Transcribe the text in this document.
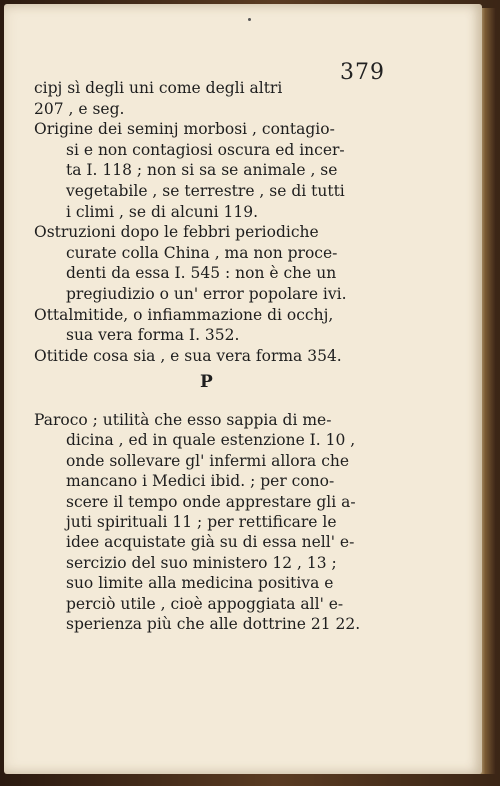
379
cipj sì degli uni come degli altri
207 , e seg.
Origine dei seminj morbosi , contagio-
si e non contagiosi oscura ed incer-
ta I. 118 ; non si sa se animale , se
vegetabile , se terrestre , se di tutti
i climi , se di alcuni 119.
Ostruzioni dopo le febbri periodiche
curate colla China , ma non proce-
denti da essa I. 545 : non è che un
pregiudizio o un' error popolare ivi.
Ottalmitide, o infiammazione di occhj,
sua vera forma I. 352.
Otitide cosa sia , e sua vera forma 354.
P
Paroco ; utilità che esso sappia di me-
dicina , ed in quale estenzione I. 10 ,
onde sollevare gl' infermi allora che
mancano i Medici ibid. ; per cono-
scere il tempo onde apprestare gli a-
juti spirituali 11 ; per rettificare le
idee acquistate già su di essa nell' e-
sercizio del suo ministero 12 , 13 ;
suo limite alla medicina positiva e
perciò utile , cioè appoggiata all' e-
sperienza più che alle dottrine 21 22.
